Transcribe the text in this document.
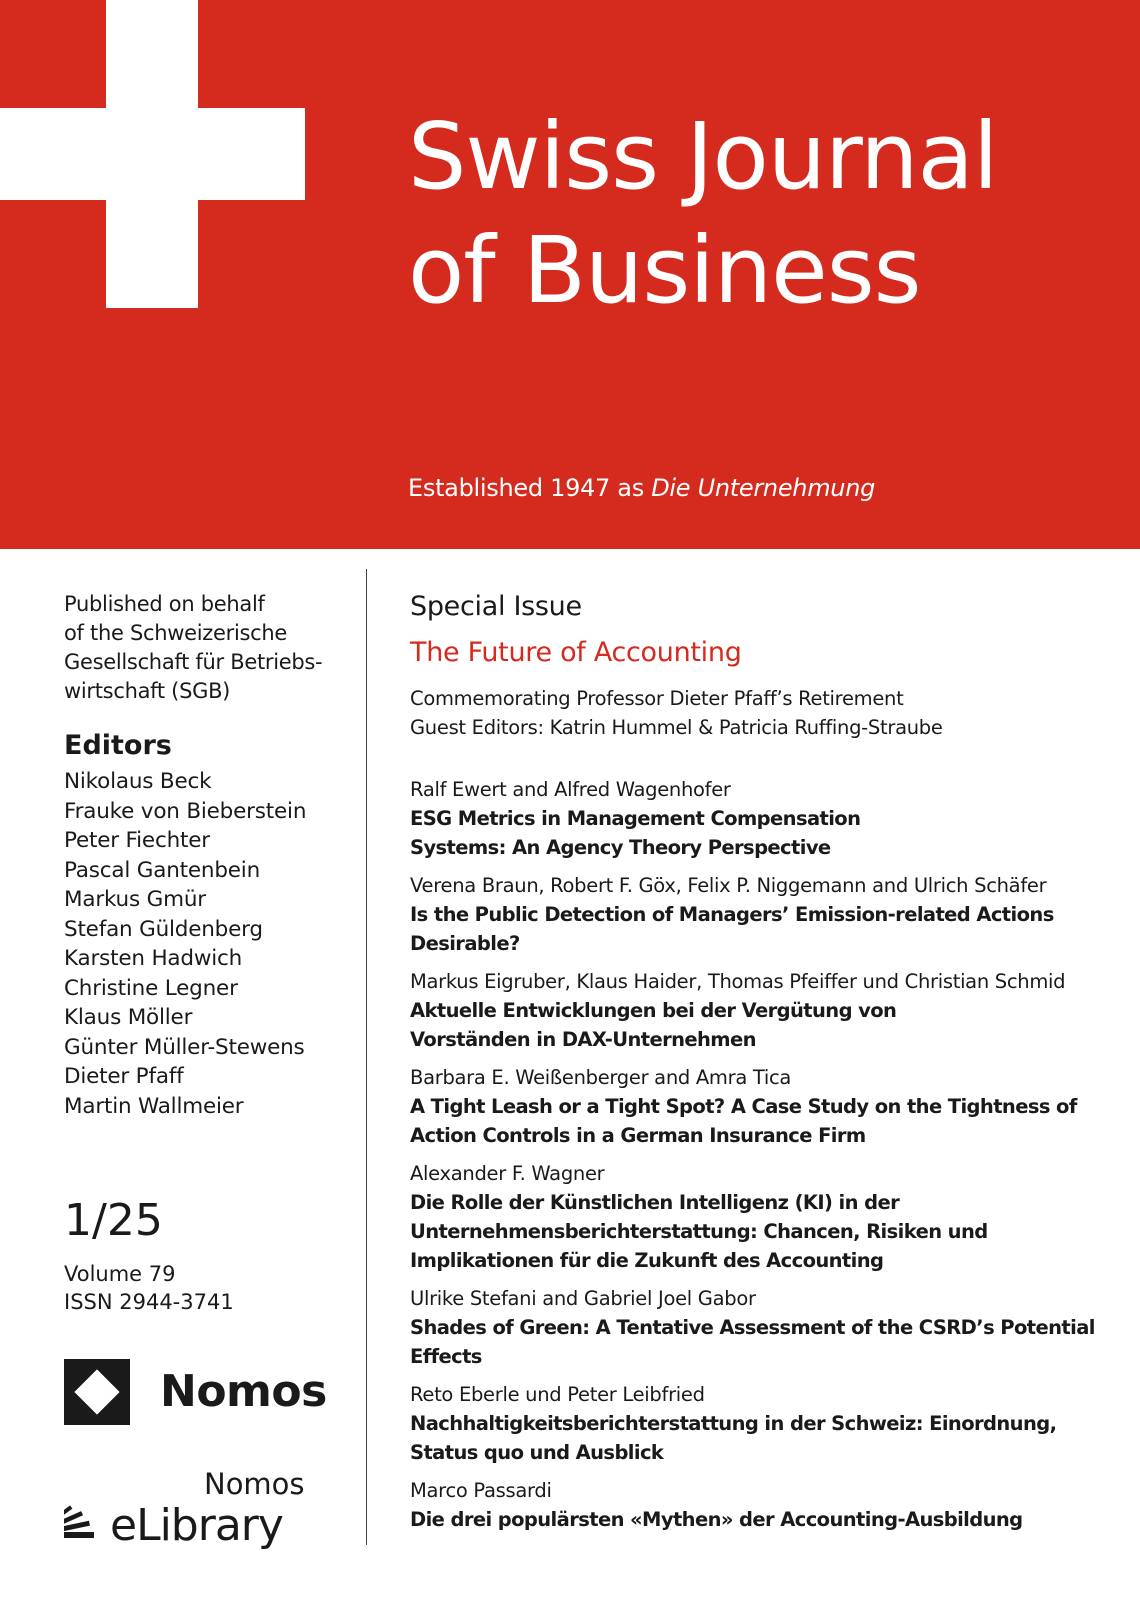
Swiss Journal
of Business
Established 1947 as Die Unternehmung
Published on behalf
of the Schweizerische
Gesellschaft für Betriebs-
wirtschaft (SGB)
Editors
Nikolaus Beck
Frauke von Bieberstein
Peter Fiechter
Pascal Gantenbein
Markus Gmür
Stefan Güldenberg
Karsten Hadwich
Christine Legner
Klaus Möller
Günter Müller-Stewens
Dieter Pfaff
Martin Wallmeier
1/25
Volume 79
ISSN 2944-3741
Nomos
Nomos
eLibrary
Special Issue
The Future of Accounting
Commemorating Professor Dieter Pfaff’s Retirement
Guest Editors: Katrin Hummel & Patricia Ruffing-Straube
Ralf Ewert and Alfred Wagenhofer
ESG Metrics in Management Compensation Systems: An Agency Theory Perspective
Verena Braun, Robert F. Göx, Felix P. Niggemann and Ulrich Schäfer
Is the Public Detection of Managers’ Emission-related Actions Desirable?
Markus Eigruber, Klaus Haider, Thomas Pfeiffer und Christian Schmid
Aktuelle Entwicklungen bei der Vergütung von Vorständen in DAX-Unternehmen
Barbara E. Weißenberger and Amra Tica
A Tight Leash or a Tight Spot? A Case Study on the Tightness of Action Controls in a German Insurance Firm
Alexander F. Wagner
Die Rolle der Künstlichen Intelligenz (KI) in der Unternehmensberichterstattung: Chancen, Risiken und Implikationen für die Zukunft des Accounting
Ulrike Stefani and Gabriel Joel Gabor
Shades of Green: A Tentative Assessment of the CSRD’s Potential Effects
Reto Eberle und Peter Leibfried
Nachhaltigkeitsberichterstattung in der Schweiz: Einordnung, Status quo und Ausblick
Marco Passardi
Die drei populärsten «Mythen» der Accounting-Ausbildung
